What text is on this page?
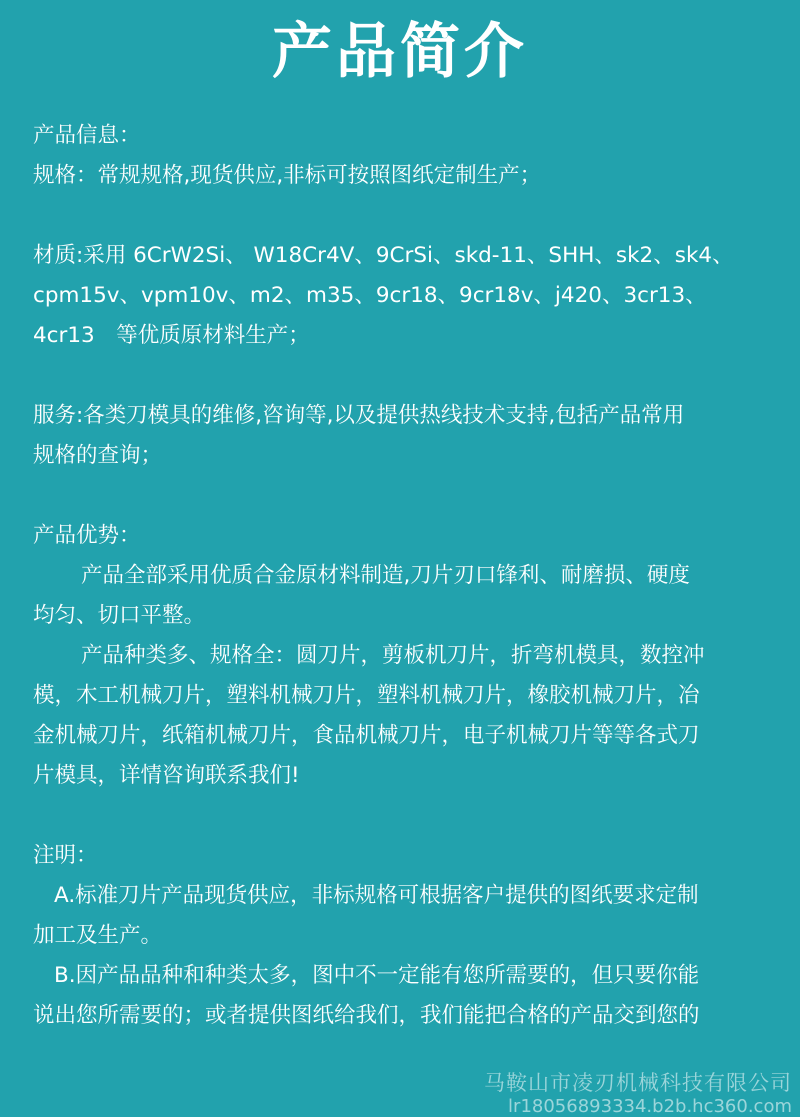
产品简介
产品信息：
规格：常规规格,现货供应,非标可按照图纸定制生产；
材质:采用 6CrW2Si、 W18Cr4V、9CrSi、skd-11、SHH、sk2、sk4、
cpm15v、vpm10v、m2、m35、9cr18、9cr18v、j420、3cr13、
4cr13　等优质原材料生产；
服务:各类刀模具的维修,咨询等,以及提供热线技术支持,包括产品常用
规格的查询；
产品优势：
产品全部采用优质合金原材料制造,刀片刃口锋利、耐磨损、硬度
均匀、切口平整。
产品种类多、规格全：圆刀片，剪板机刀片，折弯机模具，数控冲
模，木工机械刀片，塑料机械刀片，塑料机械刀片，橡胶机械刀片，冶
金机械刀片，纸箱机械刀片，食品机械刀片，电子机械刀片等等各式刀
片模具，详情咨询联系我们!
注明：
A.标准刀片产品现货供应，非标规格可根据客户提供的图纸要求定制
加工及生产。
B.因产品品种和种类太多，图中不一定能有您所需要的，但只要你能
说出您所需要的；或者提供图纸给我们，我们能把合格的产品交到您的
马鞍山市凌刃机械科技有限公司
lr18056893334.b2b.hc360.com
